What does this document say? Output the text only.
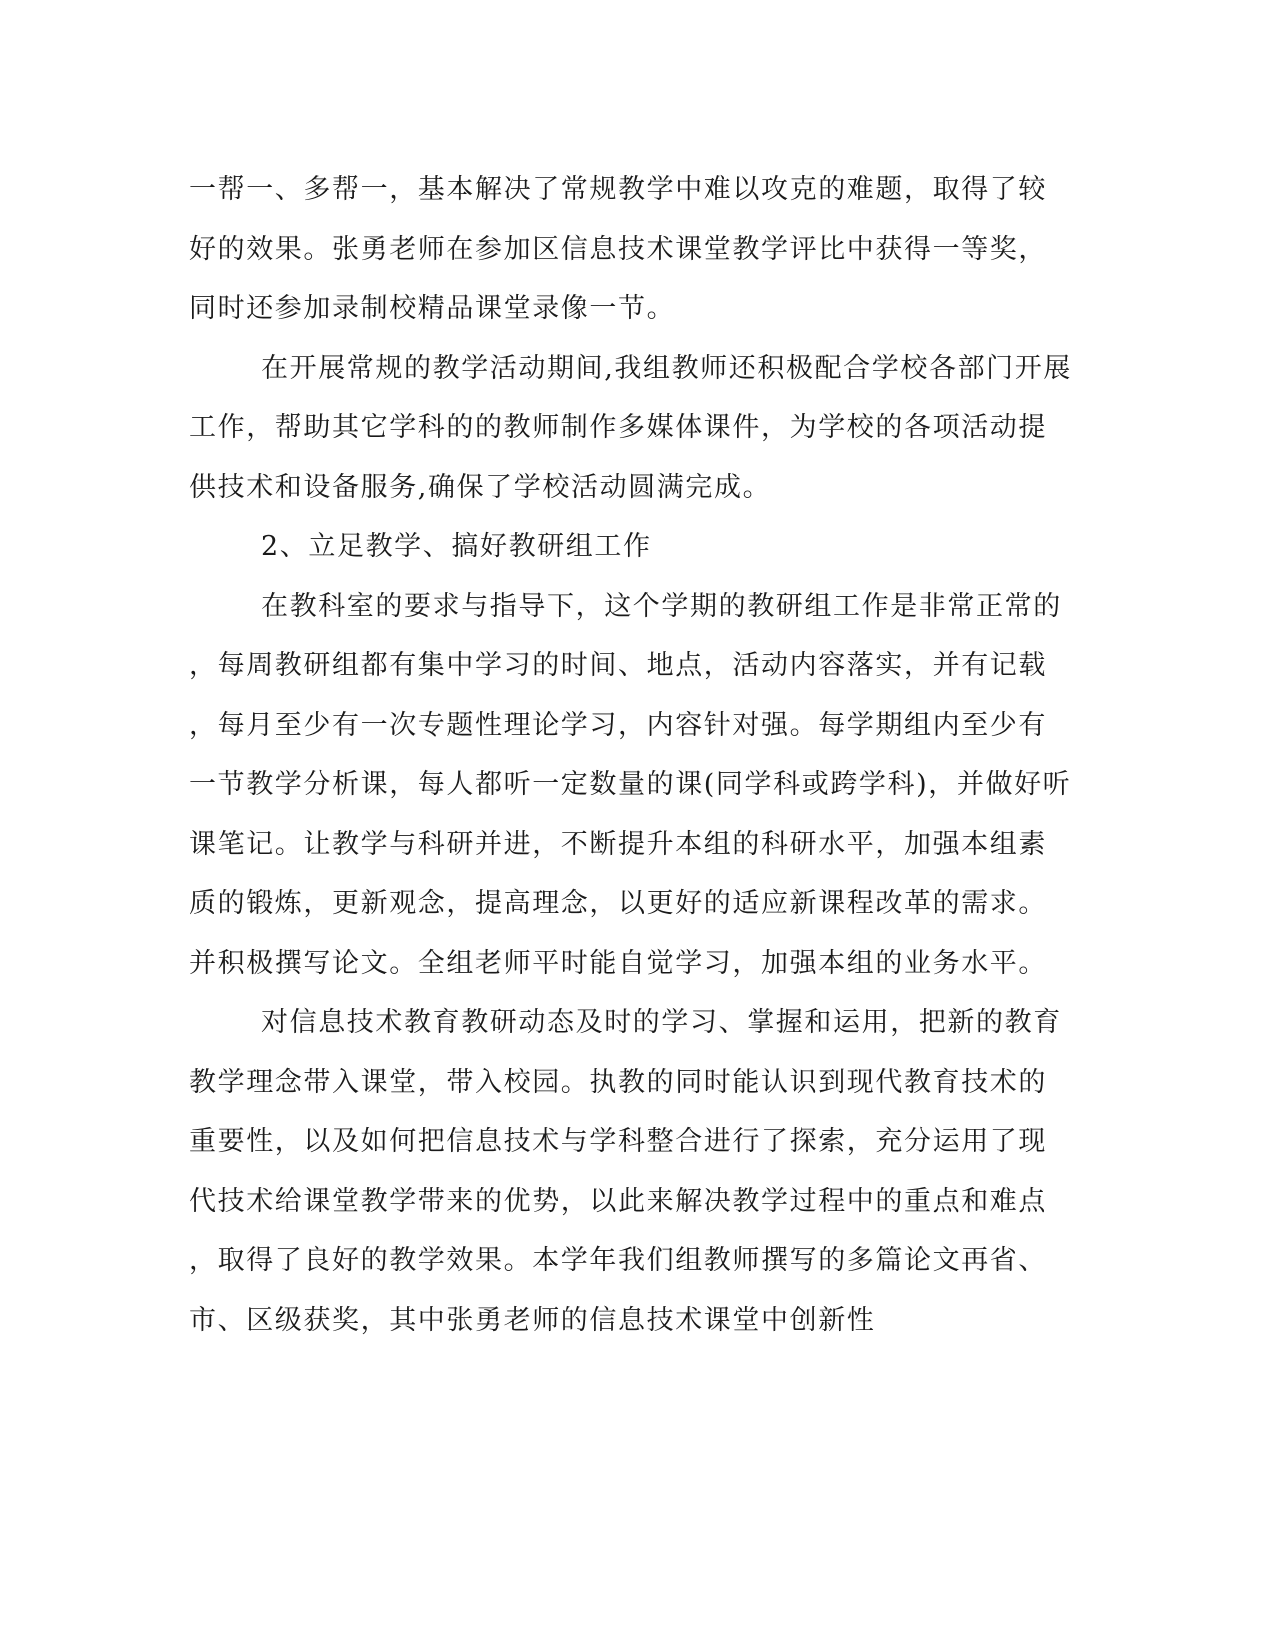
一帮一、多帮一，基本解决了常规教学中难以攻克的难题，取得了较
好的效果。张勇老师在参加区信息技术课堂教学评比中获得一等奖，
同时还参加录制校精品课堂录像一节。
在开展常规的教学活动期间,我组教师还积极配合学校各部门开展
工作，帮助其它学科的的教师制作多媒体课件，为学校的各项活动提
供技术和设备服务,确保了学校活动圆满完成。
2、立足教学、搞好教研组工作
在教科室的要求与指导下，这个学期的教研组工作是非常正常的
，每周教研组都有集中学习的时间、地点，活动内容落实，并有记载
，每月至少有一次专题性理论学习，内容针对强。每学期组内至少有
一节教学分析课，每人都听一定数量的课(同学科或跨学科)，并做好听
课笔记。让教学与科研并进，不断提升本组的科研水平，加强本组素
质的锻炼，更新观念，提高理念，以更好的适应新课程改革的需求。
并积极撰写论文。全组老师平时能自觉学习，加强本组的业务水平。
对信息技术教育教研动态及时的学习、掌握和运用，把新的教育
教学理念带入课堂，带入校园。执教的同时能认识到现代教育技术的
重要性，以及如何把信息技术与学科整合进行了探索，充分运用了现
代技术给课堂教学带来的优势，以此来解决教学过程中的重点和难点
，取得了良好的教学效果。本学年我们组教师撰写的多篇论文再省、
市、区级获奖，其中张勇老师的信息技术课堂中创新性
